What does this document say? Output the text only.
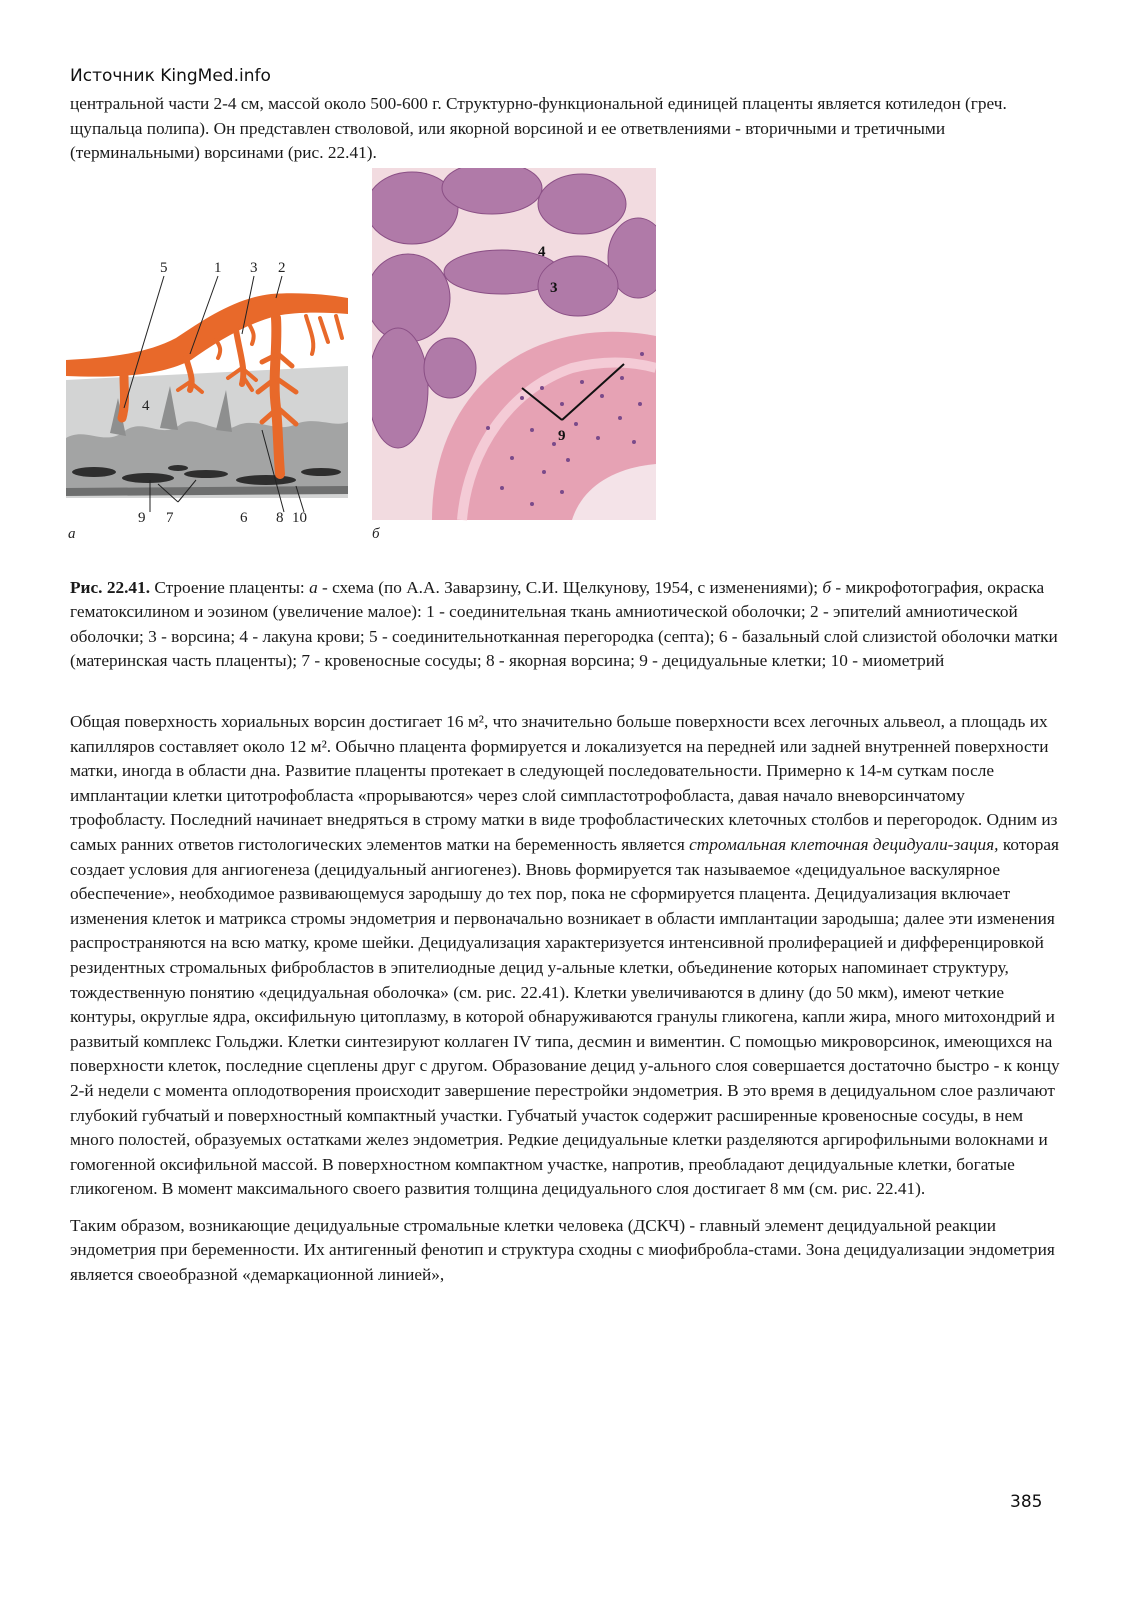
Источник KingMed.info

центральной части 2-4 см, массой около 500-600 г. Структурно-функциональной единицей плаценты является котиледон (греч. щупальца полипа). Он представлен стволовой, или якорной ворсиной и ее ответвлениями - вторичными и третичными (терминальными) ворсинами (рис. 22.41).

5	1 3 2
4
9 7	6 8 10
а
4
3
9
б
Рис. 22.41. Строение плаценты: а - схема (по А.А. Заварзину, С.И. Щелкунову, 1954, с изменениями); б - микрофотография, окраска гематоксилином и эозином (увеличение малое): 1 - соединительная ткань амниотической оболочки; 2 - эпителий амниотической оболочки; 3 - ворсина; 4 - лакуна крови; 5 - соединительнотканная перегородка (септа); 6 - базальный слой слизистой оболочки матки (материнская часть плаценты); 7 - кровеносные сосуды; 8 - якорная ворсина; 9 - децидуальные клетки; 10 - миометрий

Общая поверхность хориальных ворсин достигает 16 м², что значительно больше поверхности всех легочных альвеол, а площадь их капилляров составляет около 12 м². Обычно плацента формируется и локализуется на передней или задней внутренней поверхности матки, иногда в области дна. Развитие плаценты протекает в следующей последовательности. Примерно к 14-м суткам после имплантации клетки цитотрофобласта «прорываются» через слой симпластотрофобласта, давая начало вневорсинчатому трофобласту. Последний начинает внедряться в строму матки в виде трофобластических клеточных столбов и перегородок. Одним из самых ранних ответов гистологических элементов матки на беременность является стромальная клеточная децидуали-зация, которая создает условия для ангиогенеза (децидуальный ангиогенез). Вновь формируется так называемое «децидуальное васкулярное обеспечение», необходимое развивающемуся зародышу до тех пор, пока не сформируется плацента. Децидуализация включает изменения клеток и матрикса стромы эндометрия и первоначально возникает в области имплантации зародыша; далее эти изменения распространяются на всю матку, кроме шейки. Децидуализация характеризуется интенсивной пролиферацией и дифференцировкой резидентных стромальных фибробластов в эпителиодные децид у-альные клетки, объединение которых напоминает структуру, тождественную понятию «децидуальная оболочка» (см. рис. 22.41). Клетки увеличиваются в длину (до 50 мкм), имеют четкие контуры, округлые ядра, оксифильную цитоплазму, в которой обнаруживаются гранулы гликогена, капли жира, много митохондрий и развитый комплекс Гольджи. Клетки синтезируют коллаген IV типа, десмин и виментин. С помощью микроворсинок, имеющихся на поверхности клеток, последние сцеплены друг с другом. Образование децид у-ального слоя совершается достаточно быстро - к концу 2-й недели с момента оплодотворения происходит завершение перестройки эндометрия. В это время в децидуальном слое различают глубокий губчатый и поверхностный компактный участки. Губчатый участок содержит расширенные кровеносные сосуды, в нем много полостей, образуемых остатками желез эндометрия. Редкие децидуальные клетки разделяются аргирофильными волокнами и гомогенной оксифильной массой. В поверхностном компактном участке, напротив, преобладают децидуальные клетки, богатые гликогеном. В момент максимального своего развития толщина децидуального слоя достигает 8 мм (см. рис. 22.41).

Таким образом, возникающие децидуальные стромальные клетки человека (ДСКЧ) - главный элемент децидуальной реакции эндометрия при беременности. Их антигенный фенотип и структура сходны с миофибробла-стами. Зона децидуализации эндометрия является своеобразной «демаркационной линией»,

385
